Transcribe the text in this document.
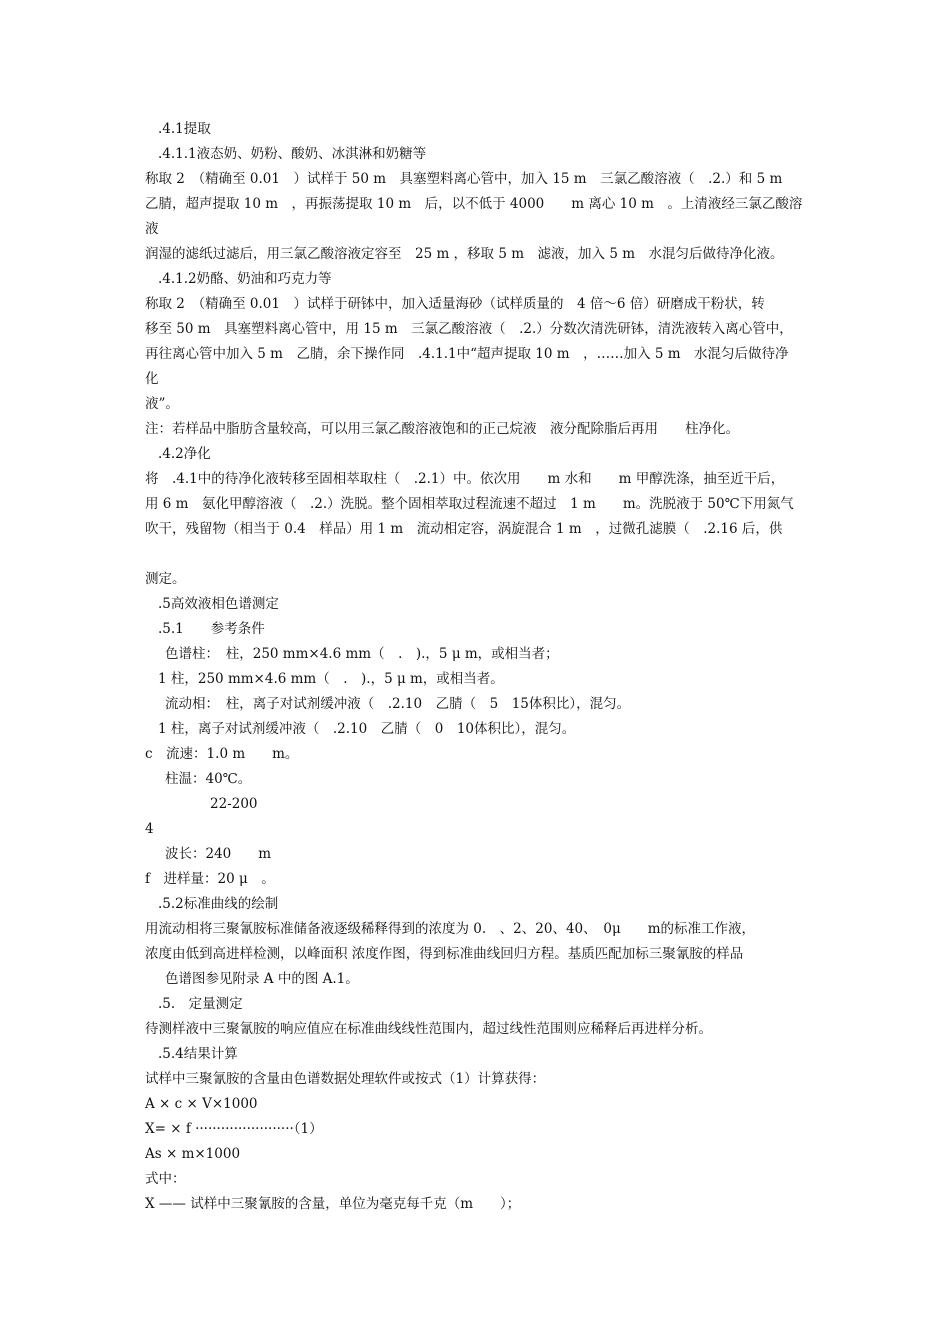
.4.1提取
.4.1.1液态奶、奶粉、酸奶、冰淇淋和奶糖等
称取 2　（精确至 0.01　）试样于 50 m　具塞塑料离心管中，加入 15 m　三氯乙酸溶液（　.2.）和 5 m
乙腈，超声提取 10 m　，再振荡提取 10 m　后，以不低于 4000　　m 离心 10 m　。上清液经三氯乙酸溶
液
润湿的滤纸过滤后，用三氯乙酸溶液定容至　25 m ，移取 5 m　滤液，加入 5 m　水混匀后做待净化液。
.4.1.2奶酪、奶油和巧克力等
称取 2　（精确至 0.01　）试样于研钵中，加入适量海砂（试样质量的　4 倍～6 倍）研磨成干粉状，转
移至 50 m　具塞塑料离心管中，用 15 m　三氯乙酸溶液（　.2.）分数次清洗研钵，清洗液转入离心管中，
再往离心管中加入 5 m　乙腈，余下操作同　.4.1.1中“超声提取 10 m　，……加入 5 m　水混匀后做待净
化
液”。
注：若样品中脂肪含量较高，可以用三氯乙酸溶液饱和的正己烷液　液分配除脂后再用　　柱净化。
.4.2净化
将　.4.1中的待净化液转移至固相萃取柱（　.2.1）中。依次用　　m 水和　　m 甲醇洗涤，抽至近干后，
用 6 m　氨化甲醇溶液（　.2.）洗脱。整个固相萃取过程流速不超过　1 m　　m。洗脱液于 50℃下用氮气
吹干，残留物（相当于 0.4　样品）用 1 m　流动相定容，涡旋混合 1 m　，过微孔滤膜（　.2.16 后，供
测定。
.5高效液相色谱测定
.5.1　　参考条件
色谱柱：　柱，250 mm×4.6 mm（　.　).，5 μ m，或相当者；
1 柱，250 mm×4.6 mm（　.　).，5 μ m，或相当者。
流动相：　柱，离子对试剂缓冲液（　.2.10　乙腈（　5　15体积比），混匀。
1 柱，离子对试剂缓冲液（　.2.10　乙腈（　0　10体积比），混匀。
c　流速：1.0 m　　m。
柱温：40℃。
22-200
4
波长：240　　m
f　进样量：20 μ　。
.5.2标准曲线的绘制
用流动相将三聚氰胺标准储备液逐级稀释得到的浓度为 0.　、2、20、40、　0μ　　m的标准工作液，
浓度由低到高进样检测，以峰面积 浓度作图，得到标准曲线回归方程。基质匹配加标三聚氰胺的样品
色谱图参见附录 A 中的图 A.1。
.5.　定量测定
待测样液中三聚氰胺的响应值应在标准曲线线性范围内，超过线性范围则应稀释后再进样分析。
.5.4结果计算
试样中三聚氰胺的含量由色谱数据处理软件或按式（1）计算获得：
A × c × V×1000
X= × f ·······················（1）
As × m×1000
式中：
X —— 试样中三聚氰胺的含量，单位为毫克每千克（m　　）；
